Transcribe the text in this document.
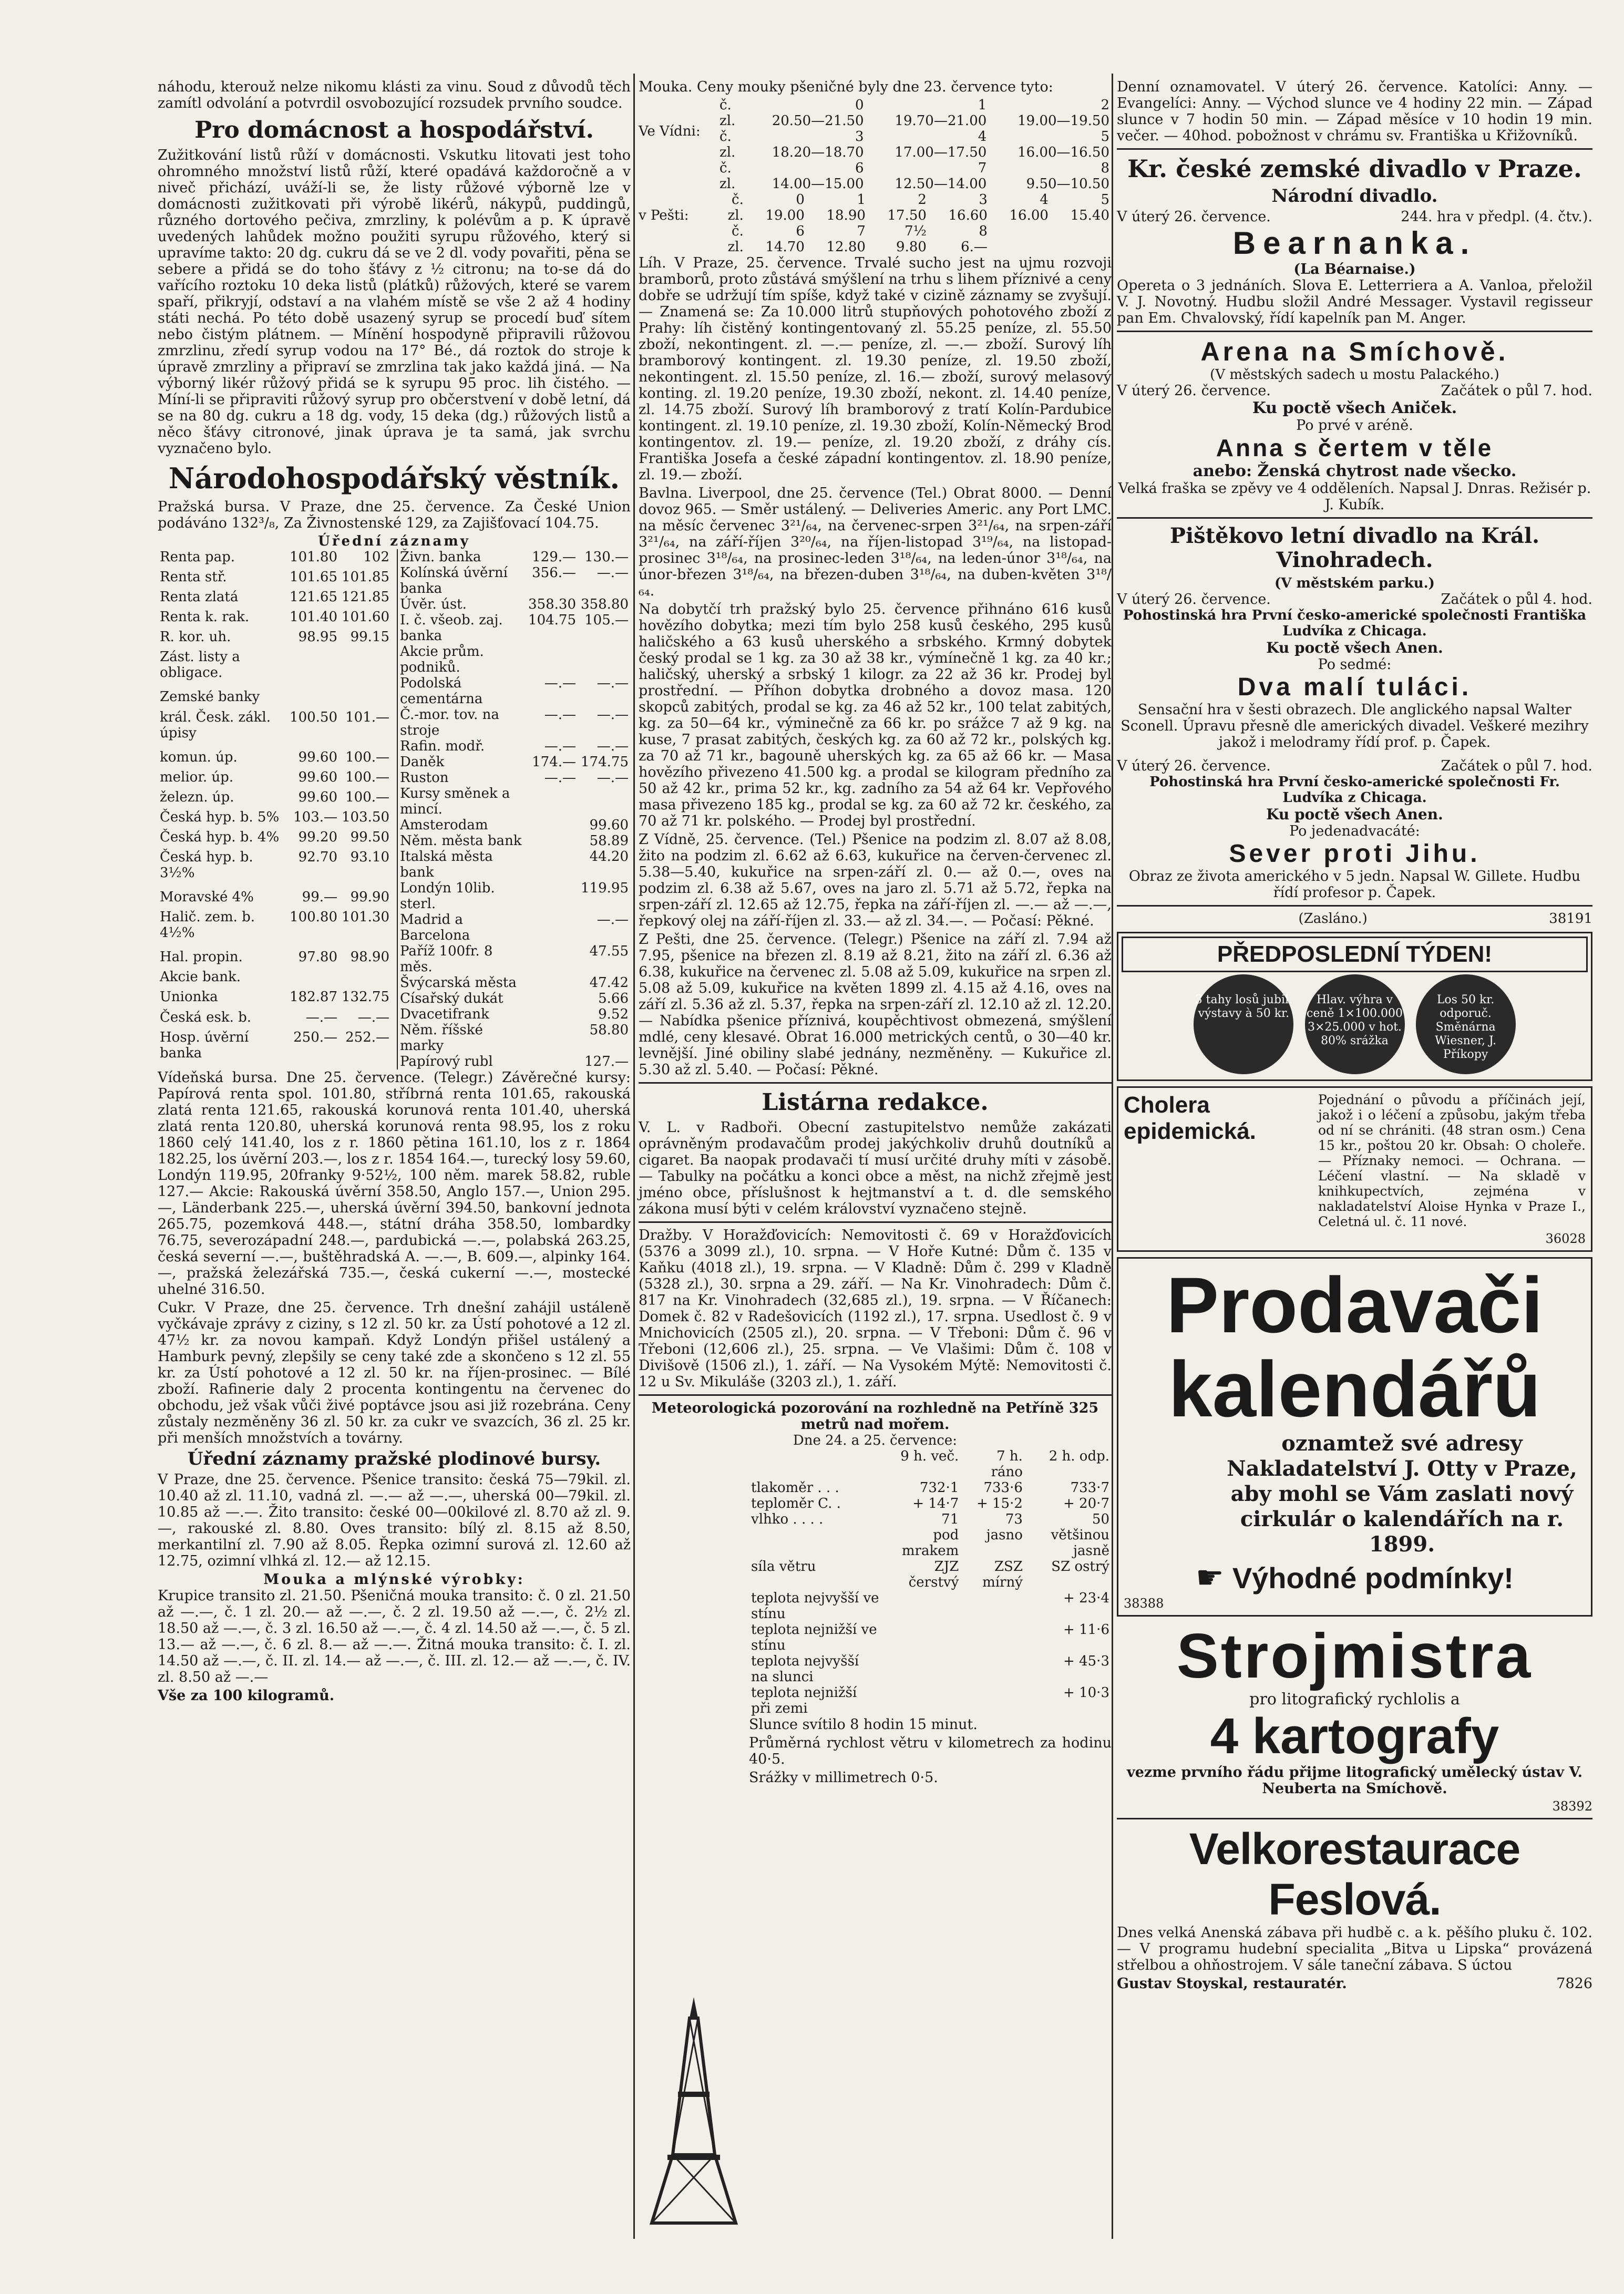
náhodu, kterouž nelze nikomu klásti za vinu. Soud z důvodů těch zamítl odvolání a potvrdil osvobozující rozsudek prvního soudce.

Pro domácnost a hospodářství.

Zužitkování listů růží v domácnosti. Vskutku litovati jest toho ohromného množství listů růží, které opadává každoročně a v niveč přichází, uváží-li se, že listy růžové výborně lze v domácnosti zužitkovati při výrobě likérů, nákypů, puddingů, různého dortového pečiva, zmrzliny, k polévům a p. K úpravě uvedených lahůdek možno použiti syrupu růžového, který si upravíme takto: 20 dg. cukru dá se ve 2 dl. vody povařiti, pěna se sebere a přidá se do toho šťávy z ½ citronu; na to-se dá do vařícího roztoku 10 deka listů (plátků) růžových, které se varem spaří, přikryjí, odstaví a na vlahém místě se vše 2 až 4 hodiny státi nechá. Po této době usazený syrup se procedí buď sítem nebo čistým plátnem. — Mínění hospodyně připravili růžovou zmrzlinu, zředí syrup vodou na 17° Bé., dá roztok do stroje k úpravě zmrzliny a připraví se zmrzlina tak jako každá jiná. — Na výborný likér růžový přidá se k syrupu 95 proc. lih čistého. — Míní-li se připraviti růžový syrup pro občerstvení v době letní, dá se na 80 dg. cukru a 18 dg. vody, 15 deka (dg.) růžových listů a něco šťávy citronové, jinak úprava je ta samá, jak svrchu vyznačeno bylo.

Národohospodářský věstník.

Pražská bursa. V Praze, dne 25. července. Za České Union podáváno 132³/₈, Za Živnostenské 129, za Zajišťovací 104.75.

Úřední záznamy
Renta pap.	101.80	102
Renta stř.	101.65	101.85
Renta zlatá	121.65	121.85
Renta k. rak.	101.40	101.60
R. kor. uh.	98.95	99.15
Zást. listy a obligace.		
Zemské banky		
král. Česk. zákl. úpisy	100.50	101.—
komun. úp.	99.60	100.—
melior. úp.	99.60	100.—
železn. úp.	99.60	100.—
Česká hyp. b. 5%	103.—	103.50
Česká hyp. b. 4%	99.20	99.50
Česká hyp. b. 3½%	92.70	93.10
Moravské 4%	99.—	99.90
Halič. zem. b. 4½%	100.80	101.30
Hal. propin.	97.80	98.90
Akcie bank.		
Unionka	182.87	132.75
Česká esk. b.	—.—	—.—
Hosp. úvěrní banka	250.—	252.—
Živn. banka	129.—	130.—
Kolínská úvěrní banka	356.—	—.—
Úvěr. úst.	358.30	358.80
I. č. všeob. zaj. banka	104.75	105.—
Akcie prům. podniků.		
Podolská cementárna	—.—	—.—
Č.-mor. tov. na stroje	—.—	—.—
Rafin. modř.	—.—	—.—
Daněk	174.—	174.75
Ruston	—.—	—.—
Kursy směnek a mincí.		
Amsterodam		99.60
Něm. města bank		58.89
Italská města bank		44.20
Londýn 10lib. sterl.		119.95
Madrid a Barcelona		—.—
Paříž 100fr. 8 měs.		47.55
Švýcarská města		47.42
Císařský dukát		5.66
Dvacetifrank		9.52
Něm. říšské marky		58.80
Papírový rubl		127.—

Vídeňská bursa. Dne 25. července. (Telegr.) Závěrečné kursy: Papírová renta spol. 101.80, stříbrná renta 101.65, rakouská zlatá renta 121.65, rakouská korunová renta 101.40, uherská zlatá renta 120.80, uherská korunová renta 98.95, los z roku 1860 celý 141.40, los z r. 1860 pětina 161.10, los z r. 1864 182.25, los úvěrní 203.—, los z r. 1854 164.—, turecký losy 59.60, Londýn 119.95, 20franky 9·52½, 100 něm. marek 58.82, ruble 127.— Akcie: Rakouská úvěrní 358.50, Anglo 157.—, Union 295.—, Länderbank 225.—, uherská úvěrní 394.50, bankovní jednota 265.75, pozemková 448.—, státní dráha 358.50, lombardky 76.75, severozápadní 248.—, pardubická —.—, polabská 263.25, česká severní —.—, buštěhradská A. —.—, B. 609.—, alpinky 164.—, pražská železářská 735.—, česká cukerní —.—, mostecké uhelné 316.50.

Cukr. V Praze, dne 25. července. Trh dnešní zahájil ustáleně vyčkávaje zprávy z ciziny, s 12 zl. 50 kr. za Ústí pohotové a 12 zl. 47½ kr. za novou kampaň. Když Londýn přišel ustálený a Hamburk pevný, zlepšily se ceny také zde a skončeno s 12 zl. 55 kr. za Ústí pohotové a 12 zl. 50 kr. na říjen-prosinec. — Bílé zboží. Rafinerie daly 2 procenta kontingentu na červenec do obchodu, jež však vůči živé poptávce jsou asi již rozebrána. Ceny zůstaly nezměněny 36 zl. 50 kr. za cukr ve svazcích, 36 zl. 25 kr. při menších množstvích a továrny.

Úřední záznamy pražské plodinové bursy.

V Praze, dne 25. července. Pšenice transito: česká 75—79kil. zl. 10.40 až zl. 11.10, vadná zl. —.— až —.—, uherská 00—79kil. zl. 10.85 až —.—. Žito transito: české 00—00kilové zl. 8.70 až zl. 9.—, rakouské zl. 8.80. Oves transito: bílý zl. 8.15 až 8.50, merkantilní zl. 7.90 až 8.05. Řepka ozimní surová zl. 12.60 až 12.75, ozimní vlhká zl. 12.— až 12.15.

Mouka a mlýnské výrobky:

Krupice transito zl. 21.50. Pšeničná mouka transito: č. 0 zl. 21.50 až —.—, č. 1 zl. 20.— až —.—, č. 2 zl. 19.50 až —.—, č. 2½ zl. 18.50 až —.—, č. 3 zl. 16.50 až —.—, č. 4 zl. 14.50 až —.—, č. 5 zl. 13.— až —.—, č. 6 zl. 8.— až —.—. Žitná mouka transito: č. I. zl. 14.50 až —.—, č. II. zl. 14.— až —.—, č. III. zl. 12.— až —.—, č. IV. zl. 8.50 až —.—

Vše za 100 kilogramů.

Mouka. Ceny mouky pšeničné byly dne 23. července tyto:

Ve Vídni:
č.	0	1	2
zl.	20.50—21.50	19.70—21.00	19.00—19.50
č.	3	4	5
zl.	18.20—18.70	17.00—17.50	16.00—16.50
č.	6	7	8
zl.	14.00—15.00	12.50—14.00	9.50—10.50
v Pešti:
č.	0	1	2	3	4	5
zl.	19.00	18.90	17.50	16.60	16.00	15.40
č.	6	7	7½	8		
zl.	14.70	12.80	9.80	6.—		

Líh. V Praze, 25. července. Trvalé sucho jest na ujmu rozvoji bramborů, proto zůstává smýšlení na trhu s lihem příznivé a ceny dobře se udržují tím spíše, když také v cizině záznamy se zvyšují. — Znamená se: Za 10.000 litrů stupňových pohotového zboží z Prahy: líh čistěný kontingentovaný zl. 55.25 peníze, zl. 55.50 zboží, nekontingent. zl. —.— peníze, zl. —.— zboží. Surový líh bramborový kontingent. zl. 19.30 peníze, zl. 19.50 zboží, nekontingent. zl. 15.50 peníze, zl. 16.— zboží, surový melasový konting. zl. 19.20 peníze, 19.30 zboží, nekont. zl. 14.40 peníze, zl. 14.75 zboží. Surový líh bramborový z tratí Kolín-Pardubice kontingent. zl. 19.10 peníze, zl. 19.30 zboží, Kolín-Německý Brod kontingentov. zl. 19.— peníze, zl. 19.20 zboží, z dráhy cís. Františka Josefa a české západní kontingentov. zl. 18.90 peníze, zl. 19.— zboží.

Bavlna. Liverpool, dne 25. července (Tel.) Obrat 8000. — Denní dovoz 965. — Směr ustálený. — Deliveries Americ. any Port LMC. na měsíc červenec 3²¹/₆₄, na červenec-srpen 3²¹/₆₄, na srpen-září 3²¹/₆₄, na září-říjen 3²⁰/₆₄, na říjen-listopad 3¹⁹/₆₄, na listopad-prosinec 3¹⁸/₆₄, na prosinec-leden 3¹⁸/₆₄, na leden-únor 3¹⁸/₆₄, na únor-březen 3¹⁸/₆₄, na březen-duben 3¹⁸/₆₄, na duben-květen 3¹⁸/₆₄.

Na dobytčí trh pražský bylo 25. července přihnáno 616 kusů hovězího dobytka; mezi tím bylo 258 kusů českého, 295 kusů haličského a 63 kusů uherského a srbského. Krmný dobytek český prodal se 1 kg. za 30 až 38 kr., výmínečně 1 kg. za 40 kr.; haličský, uherský a srbský 1 kilogr. za 22 až 36 kr. Prodej byl prostřední. — Příhon dobytka drobného a dovoz masa. 120 skopců zabitých, prodal se kg. za 46 až 52 kr., 100 telat zabitých, kg. za 50—64 kr., výminečně za 66 kr. po srážce 7 až 9 kg. na kuse, 7 prasat zabitých, českých kg. za 60 až 72 kr., polských kg. za 70 až 71 kr., bagouně uherských kg. za 65 až 66 kr. — Masa hovězího přivezeno 41.500 kg. a prodal se kilogram předního za 50 až 42 kr., prima 52 kr., kg. zadního za 54 až 64 kr. Vepřového masa přivezeno 185 kg., prodal se kg. za 60 až 72 kr. českého, za 70 až 71 kr. polského. — Prodej byl prostřední.

Z Vídně, 25. července. (Tel.) Pšenice na podzim zl. 8.07 až 8.08, žito na podzim zl. 6.62 až 6.63, kukuřice na červen-červenec zl. 5.38—5.40, kukuřice na srpen-září zl. 0.— až 0.—, oves na podzim zl. 6.38 až 5.67, oves na jaro zl. 5.71 až 5.72, řepka na srpen-září zl. 12.65 až 12.75, řepka na září-říjen zl. —.— až —.—, řepkový olej na září-říjen zl. 33.— až zl. 34.—. — Počasí: Pěkné.

Z Pešti, dne 25. července. (Telegr.) Pšenice na září zl. 7.94 až 7.95, pšenice na březen zl. 8.19 až 8.21, žito na září zl. 6.36 až 6.38, kukuřice na červenec zl. 5.08 až 5.09, kukuřice na srpen zl. 5.08 až 5.09, kukuřice na květen 1899 zl. 4.15 až 4.16, oves na září zl. 5.36 až zl. 5.37, řepka na srpen-září zl. 12.10 až zl. 12.20. — Nabídka pšenice příznivá, koupěchtivost obmezená, smýšlení mdlé, ceny klesavé. Obrat 16.000 metrických centů, o 30—40 kr. levnější. Jiné obiliny slabé jednány, nezměněny. — Kukuřice zl. 5.30 až zl. 5.40. — Počasí: Pěkné.

Listárna redakce.

V. L. v Radboři. Obecní zastupitelstvo nemůže zakázati oprávněným prodavačům prodej jakýchkoliv druhů doutníků a cigaret. Ba naopak prodavači tí musí určité druhy míti v zásobě. — Tabulky na počátku a konci obce a měst, na nichž zřejmě jest jméno obce, příslušnost k hejtmanství a t. d. dle semského zákona musí býti v celém království vyznačeno stejně.

Dražby. V Horažďovicích: Nemovitosti č. 69 v Horažďovicích (5376 a 3099 zl.), 10. srpna. — V Hoře Kutné: Dům č. 135 v Kaňku (4018 zl.), 19. srpna. — V Kladně: Dům č. 299 v Kladně (5328 zl.), 30. srpna a 29. září. — Na Kr. Vinohradech: Dům č. 817 na Kr. Vinohradech (32,685 zl.), 19. srpna. — V Říčanech: Domek č. 82 v Radešovicích (1192 zl.), 17. srpna. Usedlost č. 9 v Mnichovicích (2505 zl.), 20. srpna. — V Třeboni: Dům č. 96 v Třeboni (12,606 zl.), 25. srpna. — Ve Vlašimi: Dům č. 108 v Divišově (1506 zl.), 1. září. — Na Vysokém Mýtě: Nemovitosti č. 12 u Sv. Mikuláše (3203 zl.), 1. září.

Meteorologická pozorování na rozhledně na Petříně 325 metrů nad mořem.
Dne 24. a 25. července:
	9 h. več.	7 h. ráno	2 h. odp.
tlakoměr . . .	732·1	733·6	733·7
teploměr C. .	+ 14·7	+ 15·2	+ 20·7
vlhko . . . .	71	73	50
	pod mrakem	jasno	většinou jasně
síla větru	ZJZ čerstvý	ZSZ mírný	SZ ostrý
teplota nejvyšší ve stínu			+ 23·4
teplota nejnižší ve stínu			+ 11·6
teplota nejvyšší na slunci			+ 45·3
teplota nejnižší při zemi			+ 10·3
Slunce svítilo 8 hodin 15 minut.
Průměrná rychlost větru v kilometrech za hodinu 40·5.
Srážky v millimetrech 0·5.

Denní oznamovatel. V úterý 26. července. Katolíci: Anny. — Evangelíci: Anny. — Východ slunce ve 4 hodiny 22 min. — Západ slunce v 7 hodin 50 min. — Západ měsíce v 10 hodin 19 min. večer. — 40hod. pobožnost v chrámu sv. Františka u Křižovníků.

Kr. české zemské divadlo v Praze.
Národní divadlo.
V úterý 26. července.	244. hra v předpl. (4. čtv.).
Bearnanka.
(La Béarnaise.)

Opereta o 3 jednáních. Slova E. Letterriera a A. Vanloa, přeložil V. J. Novotný. Hudbu složil André Messager. Vystavil regisseur pan Em. Chvalovský, řídí kapelník pan M. Anger.

Arena na Smíchově.
(V městských sadech u mostu Palackého.)
V úterý 26. července.	Začátek o půl 7. hod.
Ku poctě všech Aniček.
Po prvé v aréně.
Anna s čertem v těle
anebo: Ženská chytrost nade všecko.

Velká fraška se zpěvy ve 4 odděleních. Napsal J. Dnras. Režisér p. J. Kubík.

Pištěkovo letní divadlo na Král. Vinohradech.
(V městském parku.)
V úterý 26. července.	Začátek o půl 4. hod.
Pohostinská hra První česko-americké společnosti Františka Ludvíka z Chicaga.
Ku poctě všech Anen.
Po sedmé:
Dva malí tuláci.

Sensační hra v šesti obrazech. Dle anglického napsal Walter Sconell. Úpravu přesně dle amerických divadel. Veškeré mezihry jakož i melodramy řídí prof. p. Čapek.

V úterý 26. července.	Začátek o půl 7. hod.
Pohostinská hra První česko-americké společnosti Fr. Ludvíka z Chicaga.
Ku poctě všech Anen.
Po jedenadvacáté:
Sever proti Jihu.

Obraz ze života amerického v 5 jedn. Napsal W. Gillete. Hudbu řídí profesor p. Čapek.

(Zasláno.)	38191
PŘEDPOSLEDNÍ TÝDEN!
3 tahy losů jubil. výstavy à 50 kr. Hlav. výhra v ceně 1×100.000 3×25.000 v hot. 80% srážka Los 50 kr. odporuč. Směnárna Wiesner, J. Příkopy
Cholera epidemická.

Pojednání o původu a příčinách její, jakož i o léčení a způsobu, jakým třeba od ní se chrániti. (48 stran osm.) Cena 15 kr., poštou 20 kr. Obsah: O choleře. — Příznaky nemoci. — Ochrana. — Léčení vlastní. — Na skladě v knihkupectvích, zejména v nakladatelství Aloise Hynka v Praze I., Celetná ul. č. 11 nové.

36028
Prodavači
kalendářů

oznamtež své adresy Nakladatelství J. Otty v Praze, aby mohl se Vám zaslati nový cirkulár o kalendářích na r. 1899.

☛ Výhodné podmínky!
38388
Strojmistra
pro litografický rychlolis a
4 kartografy

vezme prvního řádu přijme litografický umělecký ústav V. Neuberta na Smíchově.

38392
Velkorestaurace Feslová.

Dnes velká Anenská zábava při hudbě c. a k. pěšího pluku č. 102. — V programu hudební specialita „Bitva u Lipska“ provázená střelbou a ohňostrojem. V sále taneční zábava. S úctou

Gustav Stoyskal, restauratér.	7826
